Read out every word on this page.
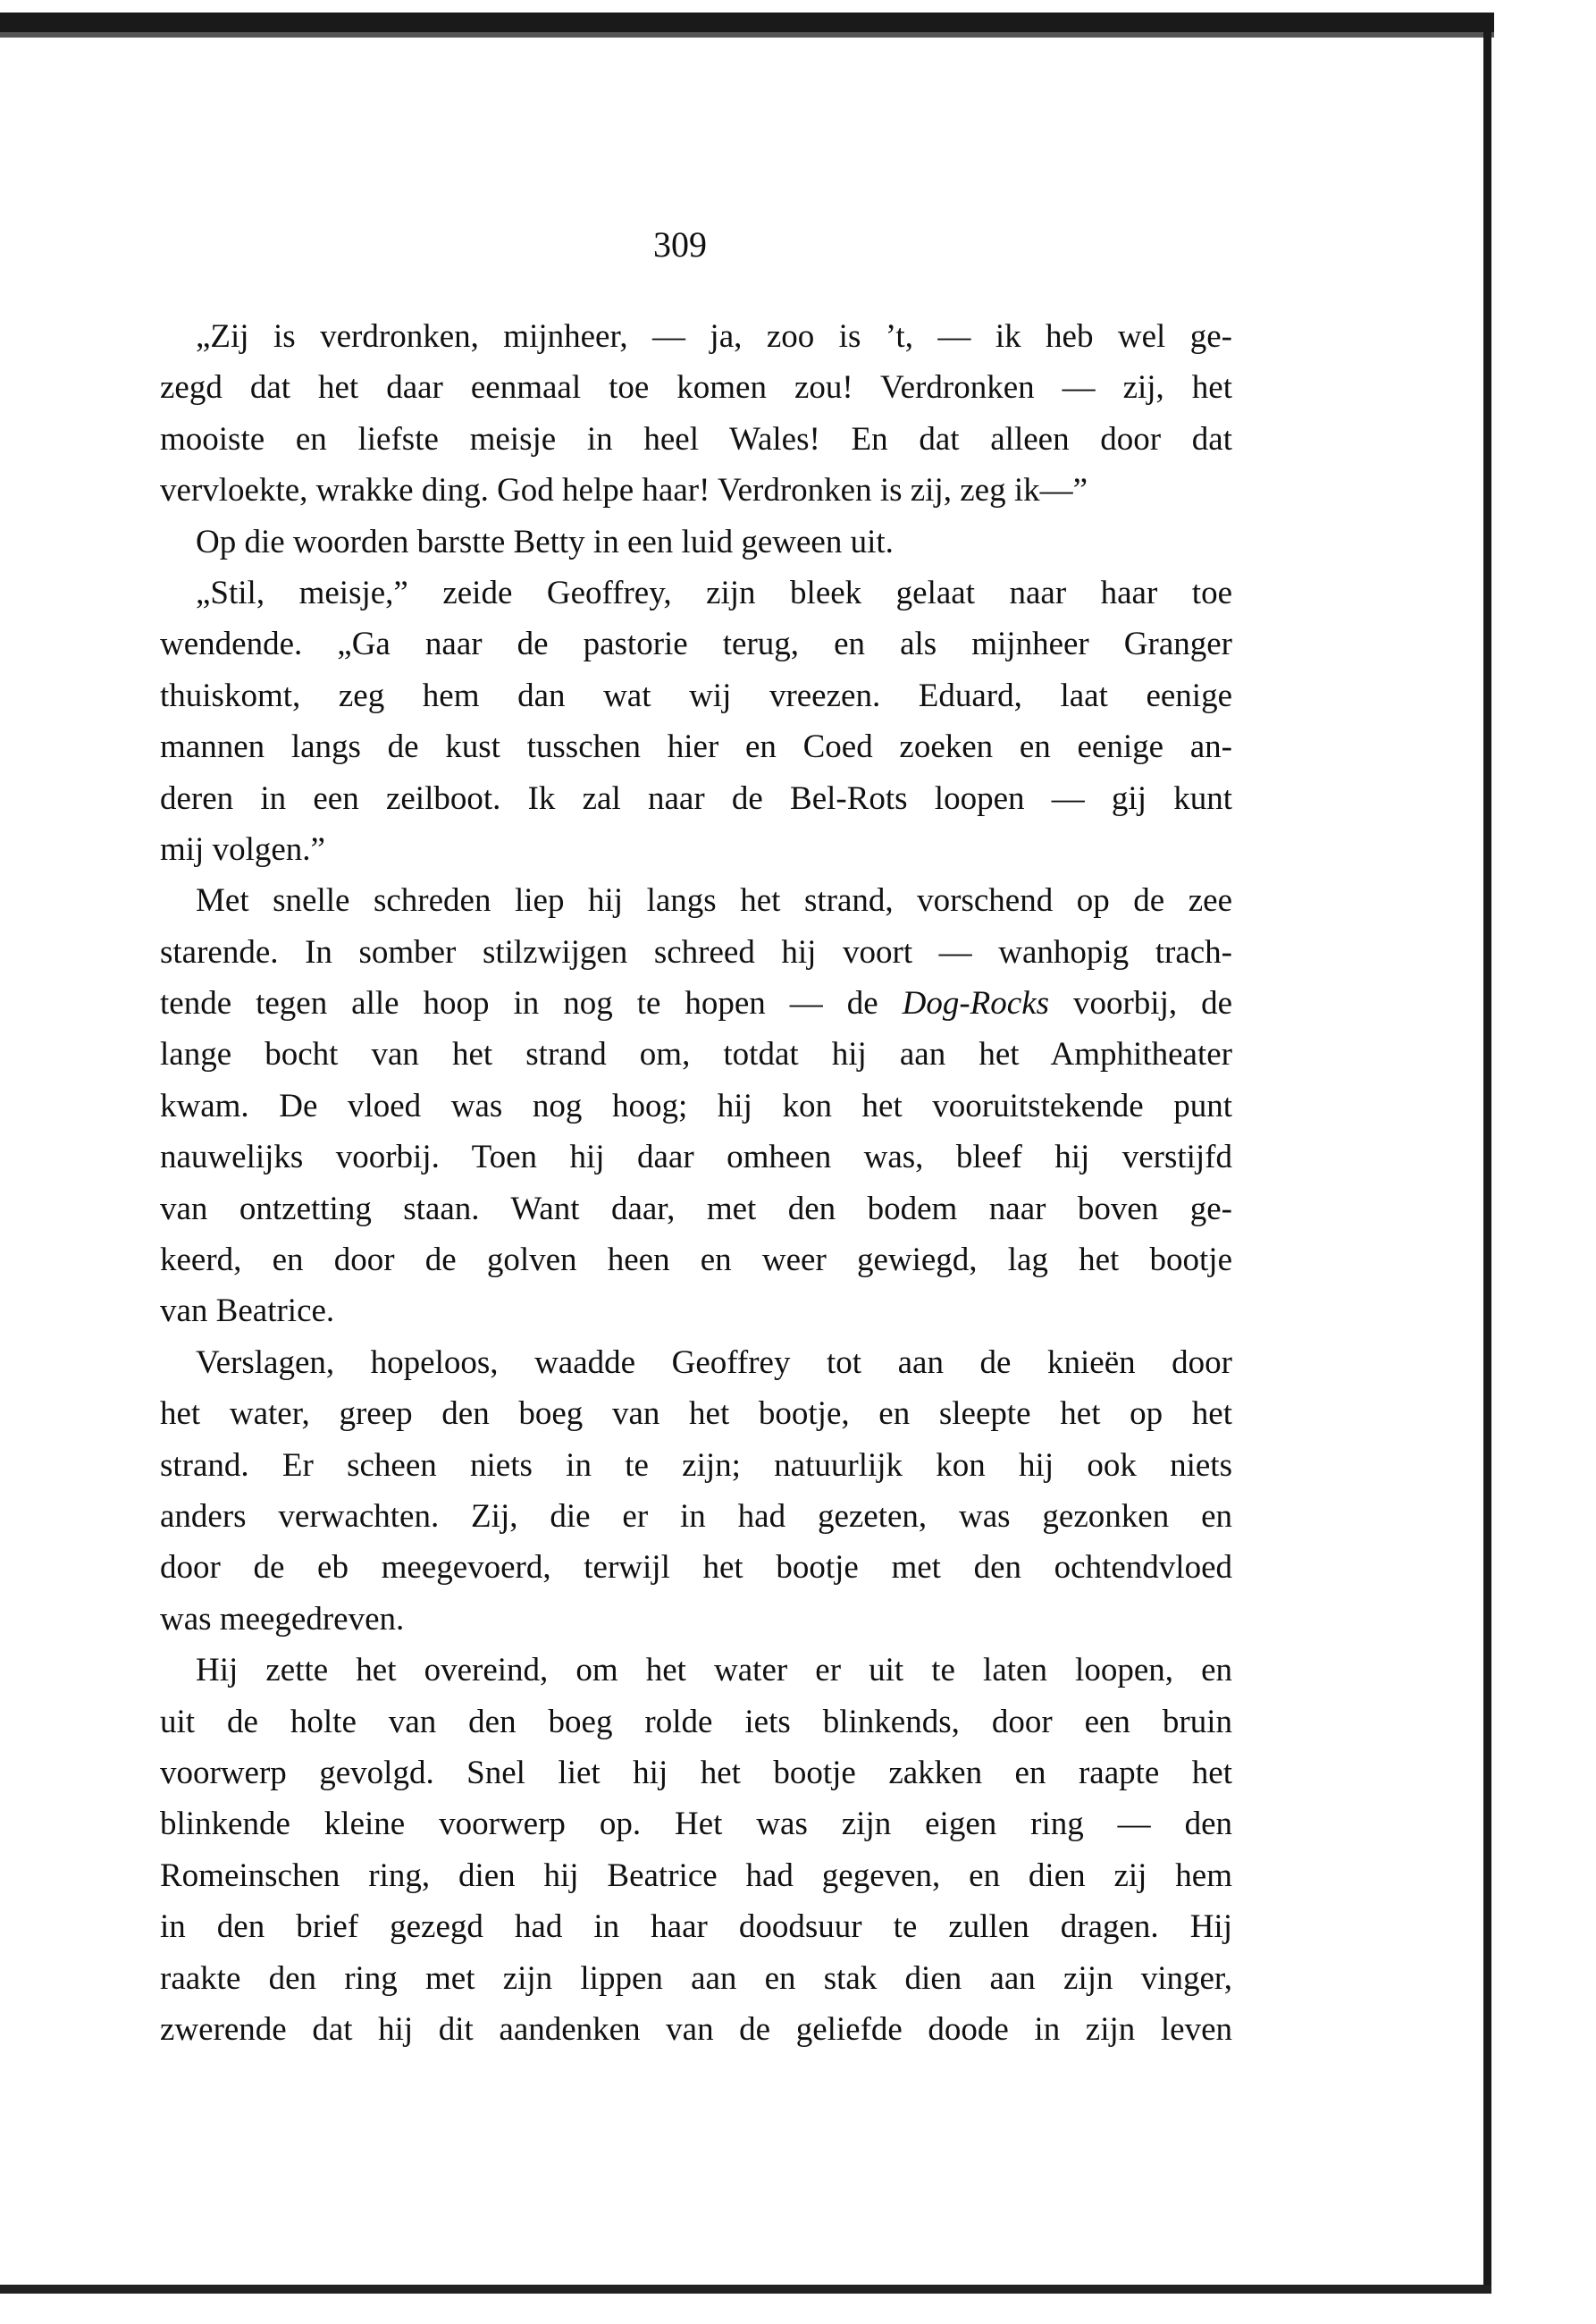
309
„Zij is verdronken, mijnheer, — ja, zoo is ’t, — ik heb wel ge-
zegd dat het daar eenmaal toe komen zou! Verdronken — zij, het
mooiste en liefste meisje in heel Wales! En dat alleen door dat
vervloekte, wrakke ding. God helpe haar! Verdronken is zij, zeg ik—”
Op die woorden barstte Betty in een luid geween uit.
„Stil, meisje,” zeide Geoffrey, zijn bleek gelaat naar haar toe
wendende. „Ga naar de pastorie terug, en als mijnheer Granger
thuiskomt, zeg hem dan wat wij vreezen. Eduard, laat eenige
mannen langs de kust tusschen hier en Coed zoeken en eenige an-
deren in een zeilboot. Ik zal naar de Bel-Rots loopen — gij kunt
mij volgen.”
Met snelle schreden liep hij langs het strand, vorschend op de zee
starende. In somber stilzwijgen schreed hij voort — wanhopig trach-
tende tegen alle hoop in nog te hopen — de Dog-Rocks voorbij, de
lange bocht van het strand om, totdat hij aan het Amphitheater
kwam. De vloed was nog hoog; hij kon het vooruitstekende punt
nauwelijks voorbij. Toen hij daar omheen was, bleef hij verstijfd
van ontzetting staan. Want daar, met den bodem naar boven ge-
keerd, en door de golven heen en weer gewiegd, lag het bootje
van Beatrice.
Verslagen, hopeloos, waadde Geoffrey tot aan de knieën door
het water, greep den boeg van het bootje, en sleepte het op het
strand. Er scheen niets in te zijn; natuurlijk kon hij ook niets
anders verwachten. Zij, die er in had gezeten, was gezonken en
door de eb meegevoerd, terwijl het bootje met den ochtendvloed
was meegedreven.
Hij zette het overeind, om het water er uit te laten loopen, en
uit de holte van den boeg rolde iets blinkends, door een bruin
voorwerp gevolgd. Snel liet hij het bootje zakken en raapte het
blinkende kleine voorwerp op. Het was zijn eigen ring — den
Romeinschen ring, dien hij Beatrice had gegeven, en dien zij hem
in den brief gezegd had in haar doodsuur te zullen dragen. Hij
raakte den ring met zijn lippen aan en stak dien aan zijn vinger,
zwerende dat hij dit aandenken van de geliefde doode in zijn leven
